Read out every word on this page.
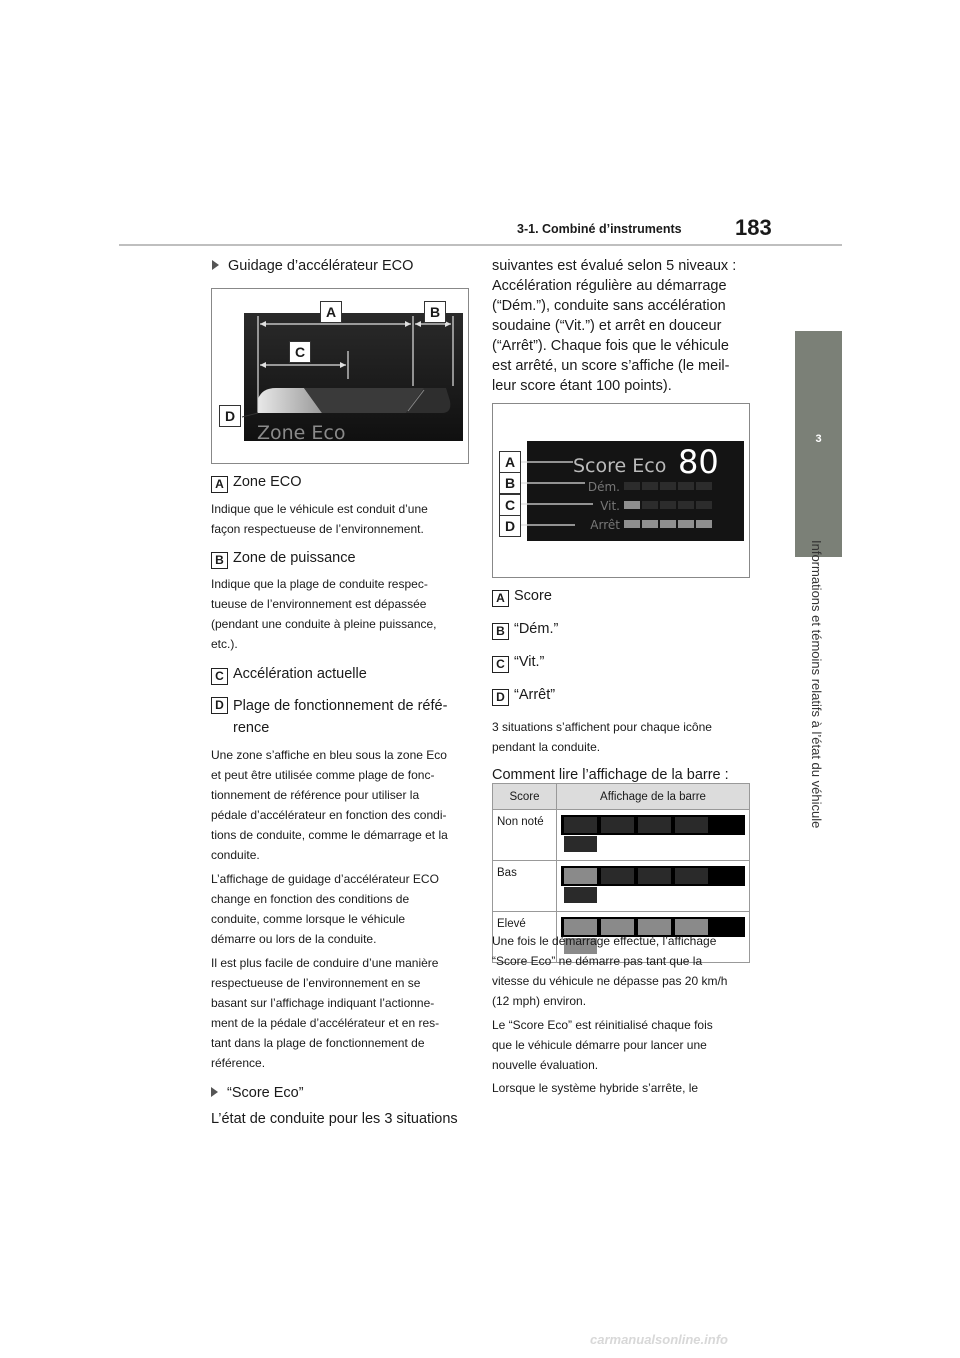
3-1. Combiné d’instruments 183
3
Informations et témoins relatifs à l’état du véhicule
Guidage d’accélérateur ECO
Zone Eco
A	B
C
D
A Zone ECO
Indique que le véhicule est conduit d’une
façon respectueuse de l’environnement.
B Zone de puissance
Indique que la plage de conduite respec-
tueuse de l’environnement est dépassée
(pendant une conduite à pleine puissance,
etc.).
C Accélération actuelle
D Plage de fonctionnement de réfé-
rence
Une zone s’affiche en bleu sous la zone Eco
et peut être utilisée comme plage de fonc-
tionnement de référence pour utiliser la
pédale d’accélérateur en fonction des condi-
tions de conduite, comme le démarrage et la
conduite.
L’affichage de guidage d’accélérateur ECO
change en fonction des conditions de
conduite, comme lorsque le véhicule
démarre ou lors de la conduite.
Il est plus facile de conduire d’une manière
respectueuse de l’environnement en se
basant sur l’affichage indiquant l’actionne-
ment de la pédale d’accélérateur et en res-
tant dans la plage de fonctionnement de
référence.
“Score Eco”
L’état de conduite pour les 3 situations
suivantes est évalué selon 5 niveaux :
Accélération régulière au démarrage
(“Dém.”), conduite sans accélération
soudaine (“Vit.”) et arrêt en douceur
(“Arrêt”). Chaque fois que le véhicule
est arrêté, un score s’affiche (le meil-
leur score étant 100 points).
Score Eco 80
Dém.
Vit.
Arrêt
A
B
C
D
A Score
B “Dém.”
C “Vit.”
D “Arrêt”
3 situations s’affichent pour chaque icône
pendant la conduite.
Comment lire l’affichage de la barre :
Score	Affichage de la barre
Non noté	
Bas	
Elevé	
Une fois le démarrage effectué, l’affichage
“Score Eco” ne démarre pas tant que la
vitesse du véhicule ne dépasse pas 20 km/h
(12 mph) environ.
Le “Score Eco” est réinitialisé chaque fois
que le véhicule démarre pour lancer une
nouvelle évaluation.
Lorsque le système hybride s’arrête, le
carmanualsonline.info
